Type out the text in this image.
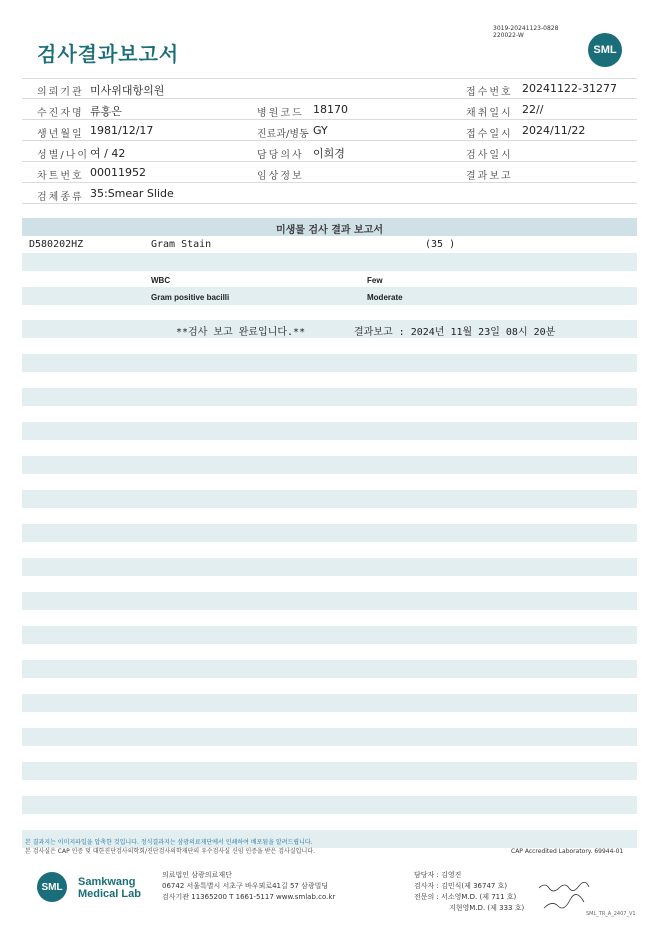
검사결과보고서
3019-20241123-0828
220022-W
SML
의뢰기관 미사위대항의원	접수번호 20241122-31277
수진자명 류홍은	병원코드 18170	채취일시 22//
생년월일 1981/12/17	진료과/병동 GY	접수일시 2024/11/22
성별/나이 여 / 42	담당의사 이희경	검사일시
차트번호 00011952	임상정보	결과보고
검체종류 35:Smear Slide
미생물 검사 결과 보고서
D580202HZ	Gram Stain	(35 )
WBC	Few
Gram positive bacilli	Moderate
**검사 보고 완료입니다.**	결과보고 : 2024년 11월 23일 08시 20분
본 결과지는 이미지파일을 압축한 것입니다. 정식결과지는 삼광의료재단에서 인쇄하여 배포됨을 알려드립니다.
본 검사실은 CAP 인증 및 대한진단검사의학회/진단검사의학재단의 우수검사실 신임 인증을 받은 검사실입니다.	CAP Accredited Laboratory. 69944-01
SML	Samkwang
Medical Lab
의료법인 삼광의료재단
06742 서울특별시 서초구 바우뫼로41길 57 삼광빌딩
검사기관 11365200 T 1661-5117 www.smlab.co.kr
담당자 : 김영진
검사자 : 김민식(제 36747 호)
전문의 : 서소영M.D. (제 711 호)
지현영M.D. (제 333 호)
SML_TR_A_2407_V1
